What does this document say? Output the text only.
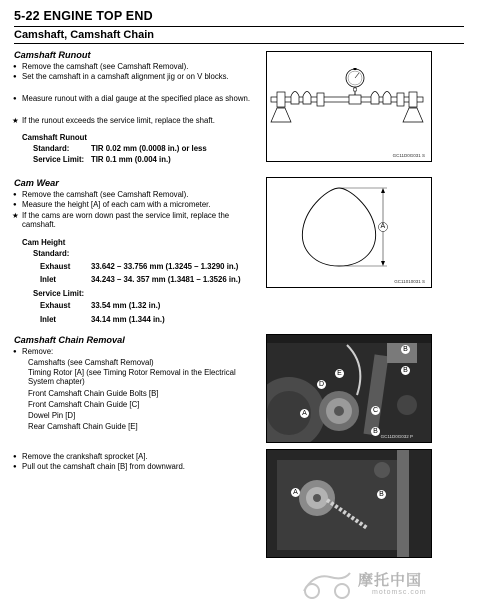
5-22 ENGINE TOP END
Camshaft, Camshaft Chain
Camshaft Runout
● Remove the camshaft (see Camshaft Removal).
● Set the camshaft in a camshaft alignment jig or on V blocks.
● Measure runout with a dial gauge at the specified place as shown.
★ If the runout exceeds the service limit, replace the shaft.
Camshaft Runout
Standard:	TIR 0.02 mm (0.0008 in.) or less
Service Limit: TIR 0.1 mm (0.004 in.)	GC11D0G031 S
Cam Wear
● Remove the camshaft (see Camshaft Removal).
● Measure the height [A] of each cam with a micrometer.
★ If the cams are worn down past the service limit, replace the camshaft.
Cam Height
Standard:
Exhaust	33.642 – 33.756 mm (1.3245 – 1.3290 in.)
Inlet	34.243 – 34. 357 mm (1.3481 – 1.3526 in.)
Service Limit:
Exhaust	33.54 mm (1.32 in.)
Inlet	34.14 mm (1.344 in.)
A
GC11010031 S
Camshaft Chain Removal
● Remove:
Camshafts (see Camshaft Removal)
Timing Rotor [A] (see Timing Rotor Removal in the Electrical System chapter)
Front Camshaft Chain Guide Bolts [B]
Front Camshaft Chain Guide [C]
Dowel Pin [D]
Rear Camshaft Chain Guide [E]
● Remove the crankshaft sprocket [A].
● Pull out the camshaft chain [B] from downward.
A
B
C
D
E
B
B
GC11D0G032 P
A	B
摩托中国
motomsc.com
